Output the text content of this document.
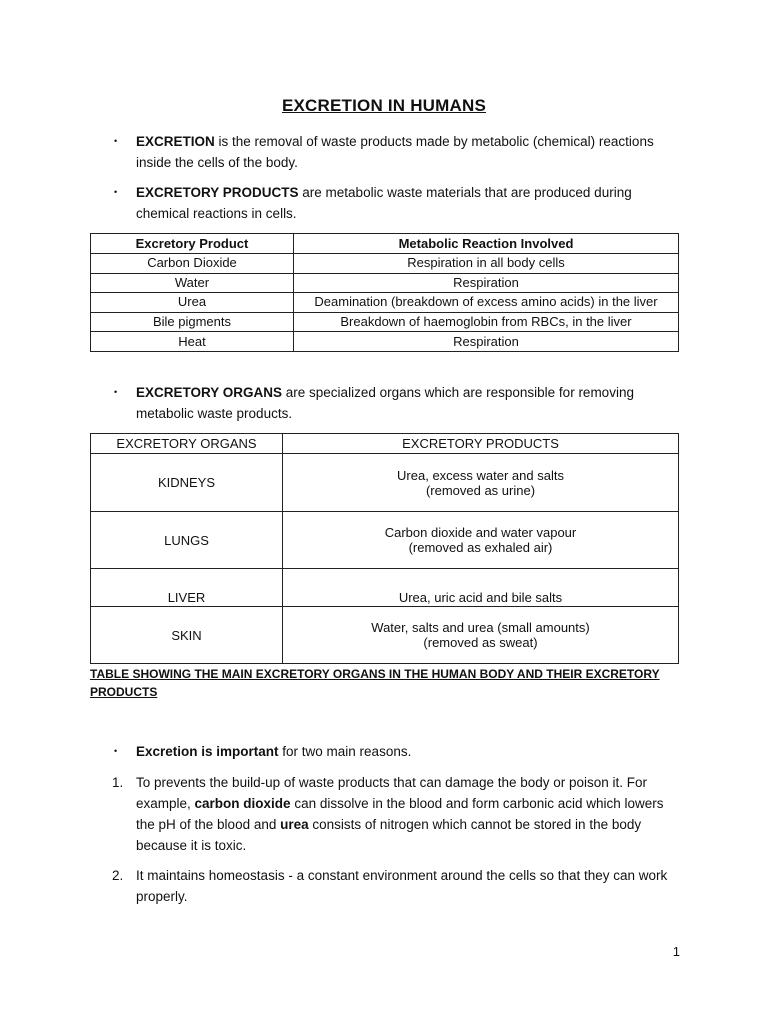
EXCRETION IN HUMANS
• EXCRETION is the removal of waste products made by metabolic (chemical) reactions inside the cells of the body.
• EXCRETORY PRODUCTS are metabolic waste materials that are produced during chemical reactions in cells.
Excretory Product	Metabolic Reaction Involved
Carbon Dioxide	Respiration in all body cells
Water	Respiration
Urea	Deamination (breakdown of excess amino acids) in the liver
Bile pigments	Breakdown of haemoglobin from RBCs, in the liver
Heat	Respiration
• EXCRETORY ORGANS are specialized organs which are responsible for removing metabolic waste products.
EXCRETORY ORGANS	EXCRETORY PRODUCTS
KIDNEYS	Urea, excess water and salts
(removed as urine)

LUNGS	Carbon dioxide and water vapour
(removed as exhaled air)

LIVER	Urea, uric acid and bile salts

SKIN	Water, salts and urea (small amounts)
(removed as sweat)
TABLE SHOWING THE MAIN EXCRETORY ORGANS IN THE HUMAN BODY AND THEIR EXCRETORY PRODUCTS
• Excretion is important for two main reasons.
1. To prevents the build-up of waste products that can damage the body or poison it. For example, carbon dioxide can dissolve in the blood and form carbonic acid which lowers the pH of the blood and urea consists of nitrogen which cannot be stored in the body because it is toxic.
2. It maintains homeostasis - a constant environment around the cells so that they can work properly.
1
